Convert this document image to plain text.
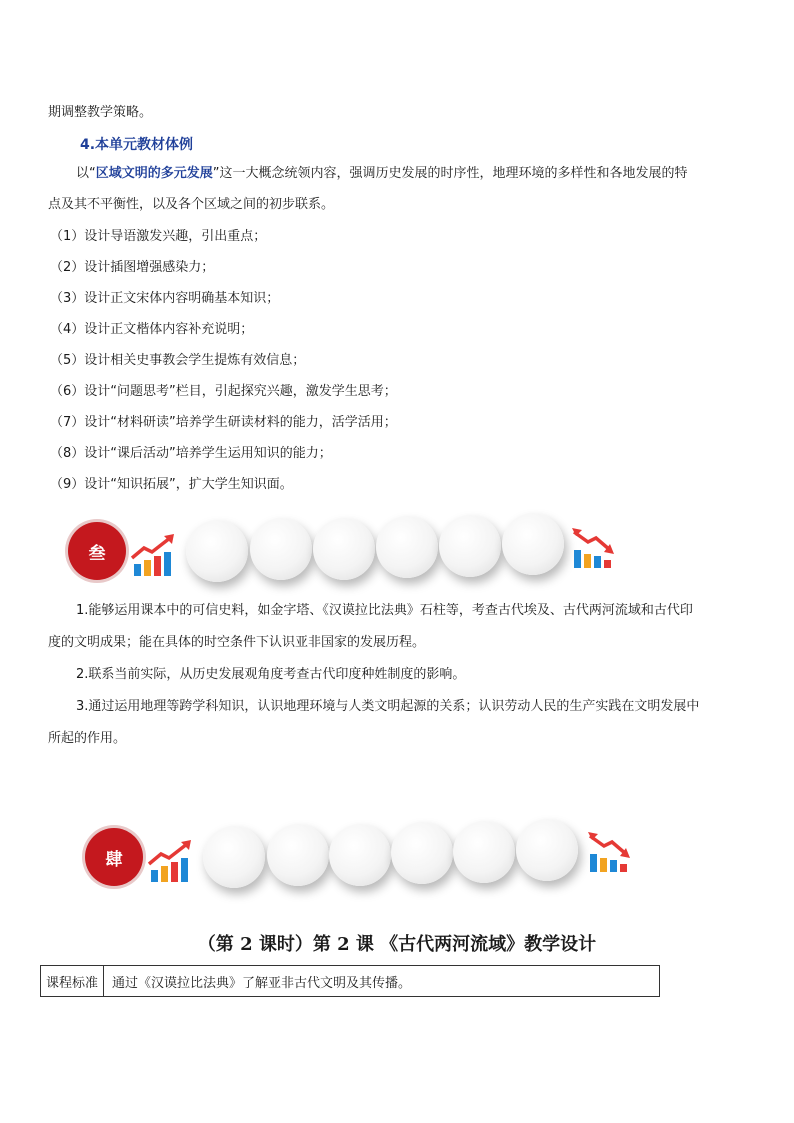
期调整教学策略。
4.本单元教材体例
以“区域文明的多元发展”这一大概念统领内容，强调历史发展的时序性，地理环境的多样性和各地发展的特
点及其不平衡性，以及各个区域之间的初步联系。
（1）设计导语激发兴趣，引出重点；
（2）设计插图增强感染力；
（3）设计正文宋体内容明确基本知识；
（4）设计正文楷体内容补充说明；
（5）设计相关史事教会学生提炼有效信息；
（6）设计“问题思考”栏目，引起探究兴趣，激发学生思考；
（7）设计“材料研读”培养学生研读材料的能力，活学活用；
（8）设计“课后活动”培养学生运用知识的能力；
（9）设计“知识拓展”，扩大学生知识面。
叁
1.能够运用课本中的可信史料，如金字塔、《汉谟拉比法典》石柱等，考查古代埃及、古代两河流域和古代印
度的文明成果；能在具体的时空条件下认识亚非国家的发展历程。
2.联系当前实际，从历史发展观角度考查古代印度种姓制度的影响。
3.通过运用地理等跨学科知识，认识地理环境与人类文明起源的关系；认识劳动人民的生产实践在文明发展中
所起的作用。
肆
（第 2 课时）第 2 课 《古代两河流域》教学设计
课程标准	通过《汉谟拉比法典》了解亚非古代文明及其传播。
